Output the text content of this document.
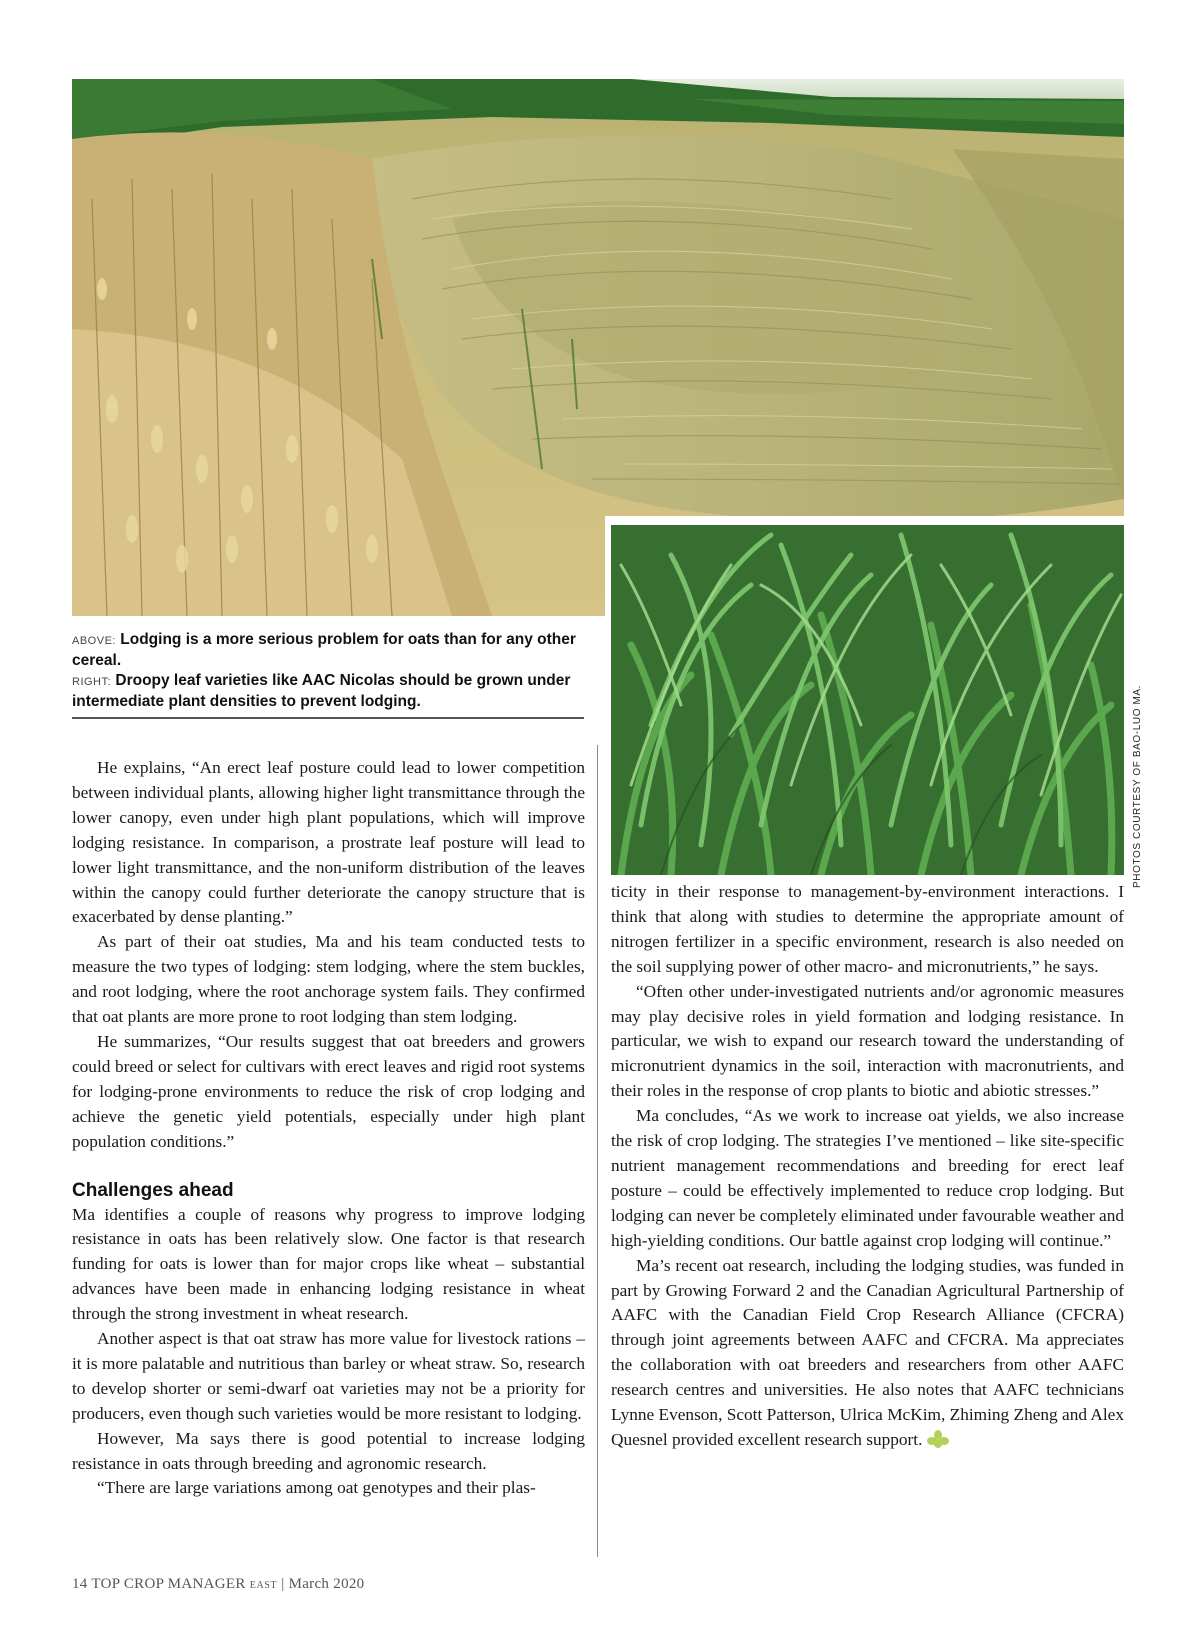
PHOTOS COURTESY OF BAO-LUO MA.
ABOVE: Lodging is a more serious problem for oats than for any other cereal.
RIGHT: Droopy leaf varieties like AAC Nicolas should be grown under intermediate plant densities to prevent lodging.

He explains, “An erect leaf posture could lead to lower competition between individual plants, allowing higher light transmittance through the lower canopy, even under high plant populations, which will improve lodging resistance. In comparison, a prostrate leaf posture will lead to lower light transmittance, and the non-uniform distribution of the leaves within the canopy could further deteriorate the canopy structure that is exacerbated by dense planting.”

As part of their oat studies, Ma and his team conducted tests to measure the two types of lodging: stem lodging, where the stem buckles, and root lodging, where the root anchorage system fails. They confirmed that oat plants are more prone to root lodging than stem lodging.

He summarizes, “Our results suggest that oat breeders and growers could breed or select for cultivars with erect leaves and rigid root systems for lodging-prone environments to reduce the risk of crop lodging and achieve the genetic yield potentials, especially under high plant population conditions.”

Challenges ahead

Ma identifies a couple of reasons why progress to improve lodging resistance in oats has been relatively slow. One factor is that research funding for oats is lower than for major crops like wheat – substantial advances have been made in enhancing lodging resistance in wheat through the strong investment in wheat research.

Another aspect is that oat straw has more value for livestock rations – it is more palatable and nutritious than barley or wheat straw. So, research to develop shorter or semi-dwarf oat varieties may not be a priority for producers, even though such varieties would be more resistant to lodging.

However, Ma says there is good potential to increase lodging resistance in oats through breeding and agronomic research.

“There are large variations among oat genotypes and their plas-

ticity in their response to management-by-environment interactions. I think that along with studies to determine the appropriate amount of nitrogen fertilizer in a specific environment, research is also needed on the soil supplying power of other macro- and micronutrients,” he says.

“Often other under-investigated nutrients and/or agronomic measures may play decisive roles in yield formation and lodging resistance. In particular, we wish to expand our research toward the understanding of micronutrient dynamics in the soil, interaction with macronutrients, and their roles in the response of crop plants to biotic and abiotic stresses.”

Ma concludes, “As we work to increase oat yields, we also increase the risk of crop lodging. The strategies I’ve mentioned – like site-specific nutrient management recommendations and breeding for erect leaf posture – could be effectively implemented to reduce crop lodging. But lodging can never be completely eliminated under favourable weather and high-yielding conditions. Our battle against crop lodging will continue.”

Ma’s recent oat research, including the lodging studies, was funded in part by Growing Forward 2 and the Canadian Agricultural Partnership of AAFC with the Canadian Field Crop Research Alliance (CFCRA) through joint agreements between AAFC and CFCRA. Ma appreciates the collaboration with oat breeders and researchers from other AAFC research centres and universities. He also notes that AAFC technicians Lynne Evenson, Scott Patterson, Ulrica McKim, Zhiming Zheng and Alex Quesnel provided excellent research support.

14 TOP CROP MANAGER EAST | March 2020
